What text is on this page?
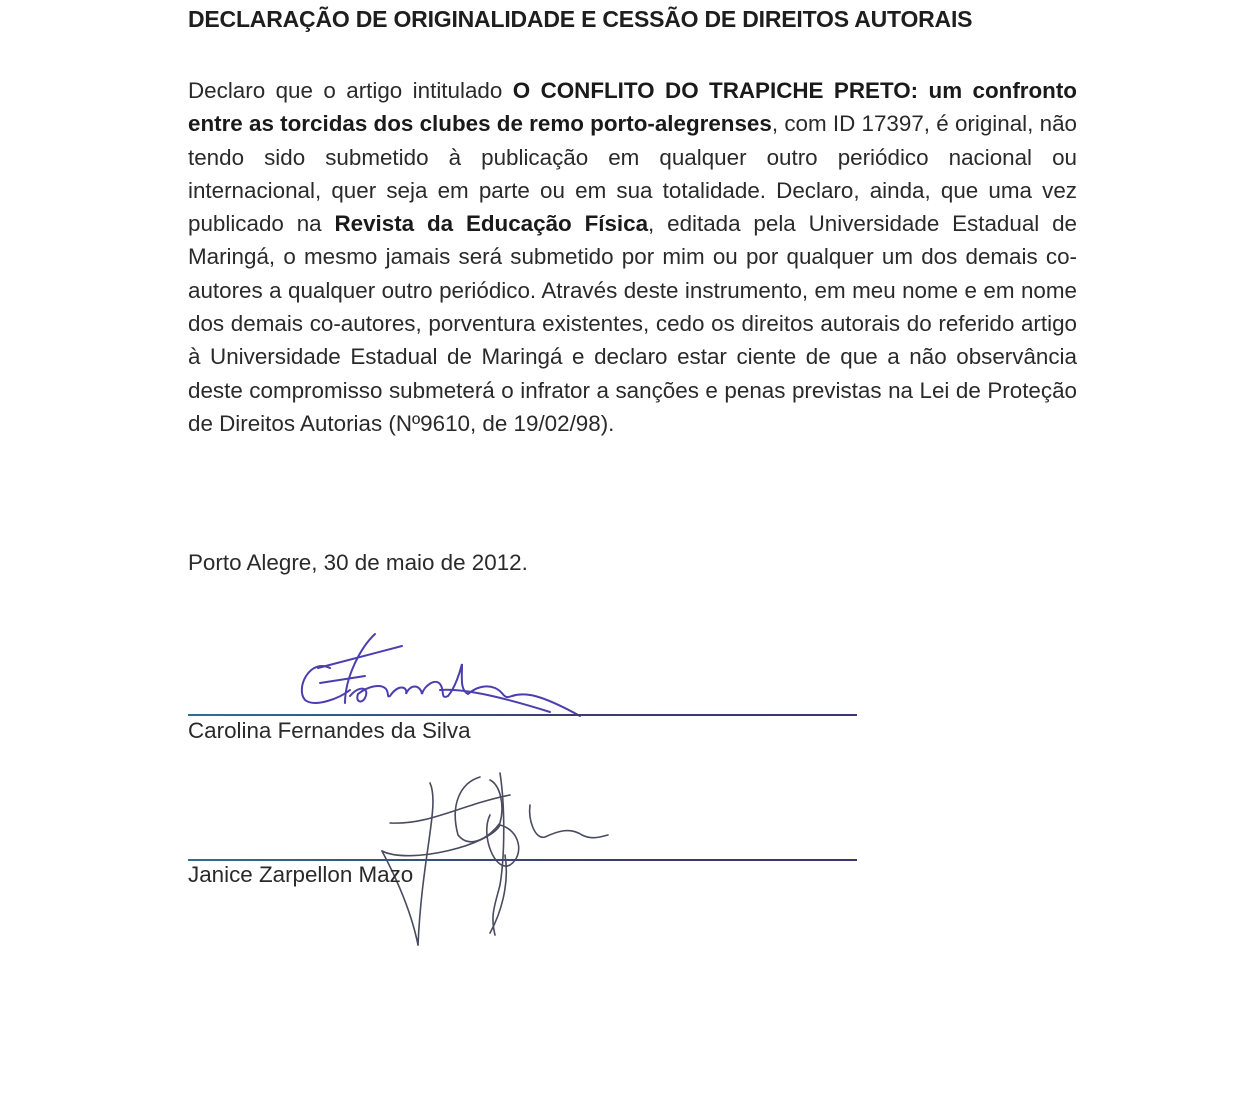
DECLARAÇÃO DE ORIGINALIDADE E CESSÃO DE DIREITOS AUTORAIS
Declaro que o artigo intitulado O CONFLITO DO TRAPICHE PRETO: um confronto entre as torcidas dos clubes de remo porto-alegrenses, com ID 17397, é original, não tendo sido submetido à publicação em qualquer outro periódico nacional ou internacional, quer seja em parte ou em sua totalidade. Declaro, ainda, que uma vez publicado na Revista da Educação Física, editada pela Universidade Estadual de Maringá, o mesmo jamais será submetido por mim ou por qualquer um dos demais co-autores a qualquer outro periódico. Através deste instrumento, em meu nome e em nome dos demais co-autores, porventura existentes, cedo os direitos autorais do referido artigo à Universidade Estadual de Maringá e declaro estar ciente de que a não observância deste compromisso submeterá o infrator a sanções e penas previstas na Lei de Proteção de Direitos Autorias (Nº9610, de 19/02/98).
Porto Alegre, 30 de maio de 2012.
Carolina Fernandes da Silva
Janice Zarpellon Mazo
